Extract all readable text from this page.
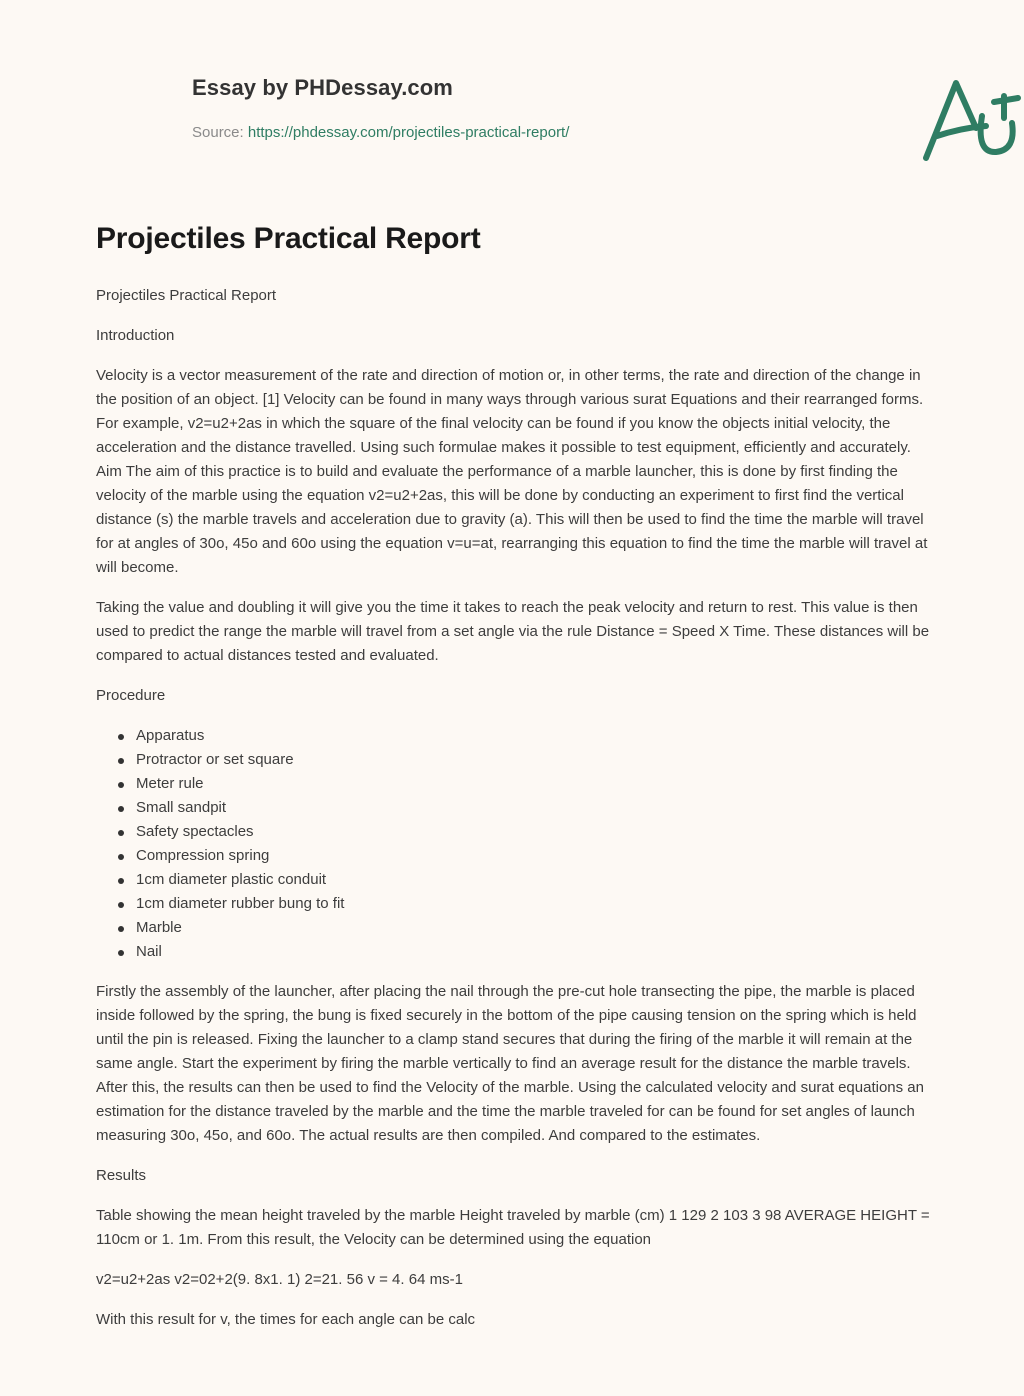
Essay by PHDessay.com
Source: https://phdessay.com/projectiles-practical-report/
Projectiles Practical Report

Projectiles Practical Report

Introduction

Velocity is a vector measurement of the rate and direction of motion or, in other terms, the rate and direction of the change in the position of an object. [1] Velocity can be found in many ways through various surat Equations and their rearranged forms. For example, v2=u2+2as in which the square of the final velocity can be found if you know the objects initial velocity, the acceleration and the distance travelled. Using such formulae makes it possible to test equipment, efficiently and accurately. Aim The aim of this practice is to build and evaluate the performance of a marble launcher, this is done by first finding the velocity of the marble using the equation v2=u2+2as, this will be done by conducting an experiment to first find the vertical distance (s) the marble travels and acceleration due to gravity (a). This will then be used to find the time the marble will travel for at angles of 30o, 45o and 60o using the equation v=u=at, rearranging this equation to find the time the marble will travel at will become.

Taking the value and doubling it will give you the time it takes to reach the peak velocity and return to rest. This value is then used to predict the range the marble will travel from a set angle via the rule Distance = Speed X Time. These distances will be compared to actual distances tested and evaluated.

Procedure

Apparatus
Protractor or set square
Meter rule
Small sandpit
Safety spectacles
Compression spring
1cm diameter plastic conduit
1cm diameter rubber bung to fit
Marble
Nail

Firstly the assembly of the launcher, after placing the nail through the pre-cut hole transecting the pipe, the marble is placed inside followed by the spring, the bung is fixed securely in the bottom of the pipe causing tension on the spring which is held until the pin is released. Fixing the launcher to a clamp stand secures that during the firing of the marble it will remain at the same angle. Start the experiment by firing the marble vertically to find an average result for the distance the marble travels. After this, the results can then be used to find the Velocity of the marble. Using the calculated velocity and surat equations an estimation for the distance traveled by the marble and the time the marble traveled for can be found for set angles of launch measuring 30o, 45o, and 60o. The actual results are then compiled. And compared to the estimates.

Results

Table showing the mean height traveled by the marble Height traveled by marble (cm) 1 129 2 103 3 98 AVERAGE HEIGHT = 110cm or 1. 1m. From this result, the Velocity can be determined using the equation

v2=u2+2as v2=02+2(9. 8x1. 1) 2=21. 56 v = 4. 64 ms-1

With this result for v, the times for each angle can be calc
